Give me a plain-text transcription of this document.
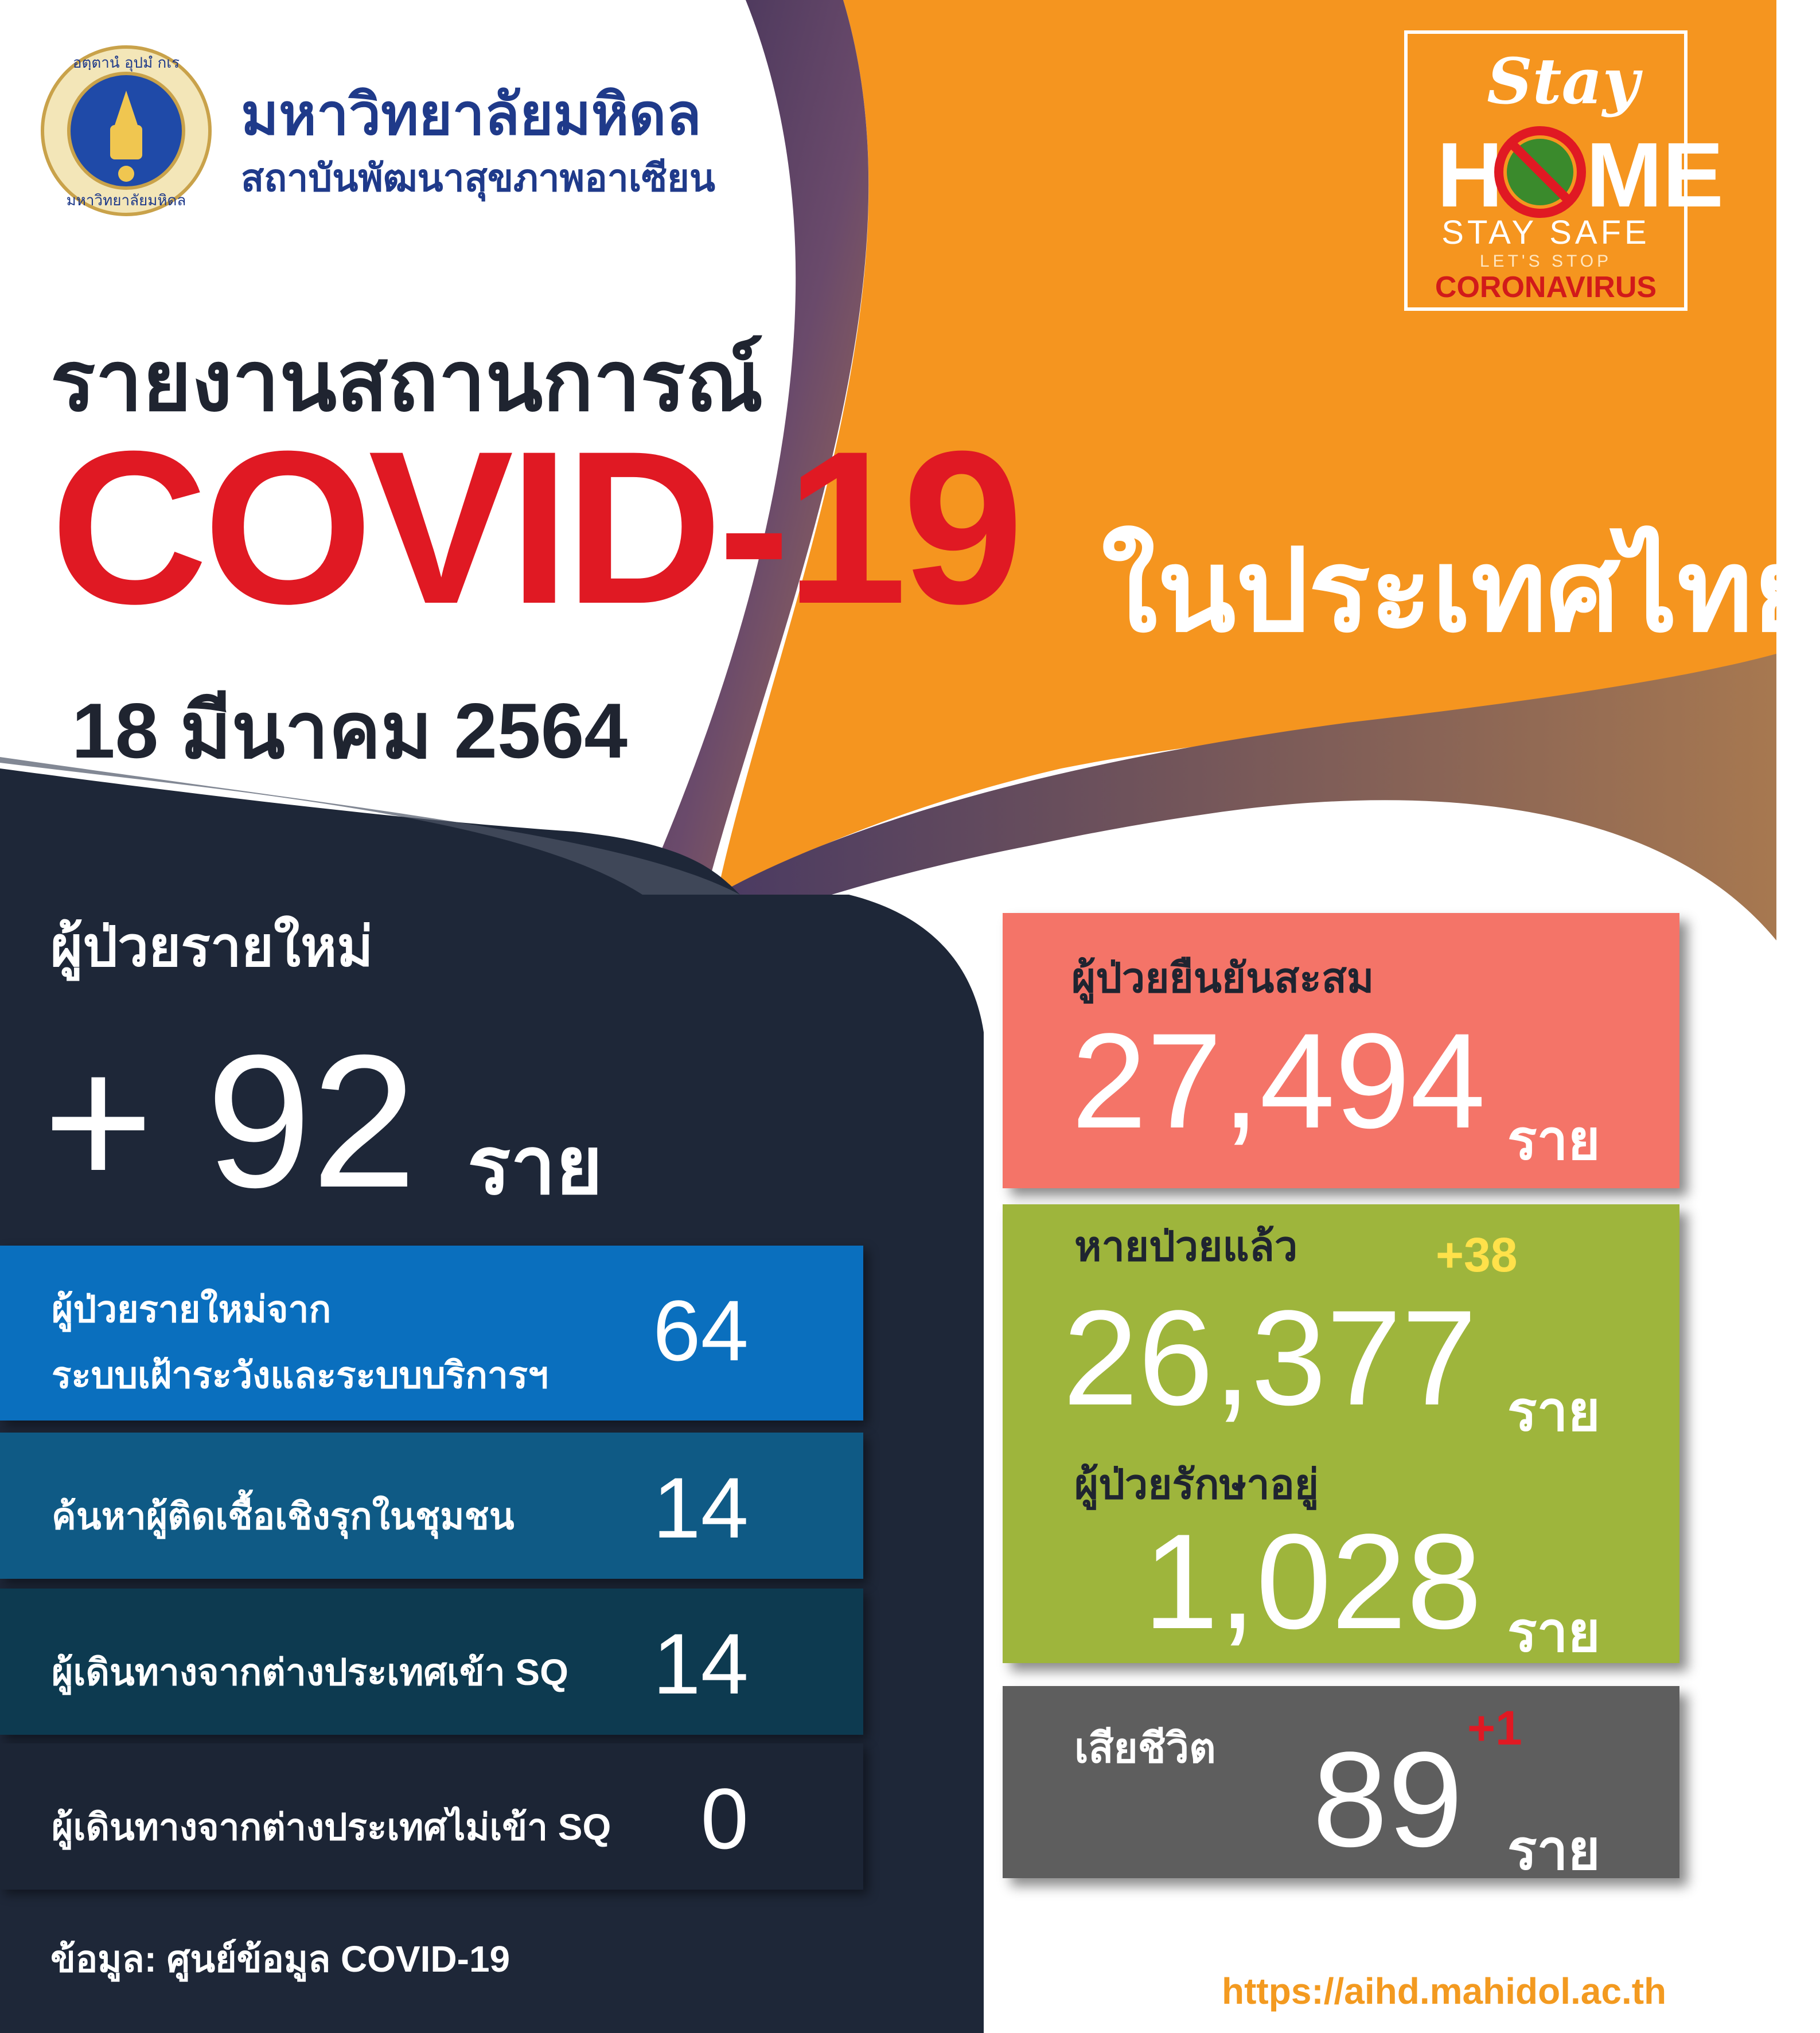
อตฺตานํ อุปมํ กเร
มหาวิทยาลัยมหิดล
มหาวิทยาลัยมหิดล
สถาบันพัฒนาสุขภาพอาเซียน
Stay
H ME
STAY SAFE
LET'S STOP
CORONAVIRUS
รายงานสถานการณ์
COVID-19 ในประเทศไทย
18 มีนาคม 2564
ผู้ป่วยรายใหม่
+ 92 ราย
ผู้ป่วยรายใหม่จาก
ระบบเฝ้าระวังและระบบบริการฯ 64
ค้นหาผู้ติดเชื้อเชิงรุกในชุมชน 14
ผู้เดินทางจากต่างประเทศเข้า SQ 14
ผู้เดินทางจากต่างประเทศไม่เข้า SQ 0
ผู้ป่วยยืนยันสะสม
27,494 ราย
หายป่วยแล้ว	+38
26,377 ราย
ผู้ป่วยรักษาอยู่
1,028 ราย
เสียชีวิต	+1
89 ราย
ข้อมูล: ศูนย์ข้อมูล COVID-19
https://aihd.mahidol.ac.th
